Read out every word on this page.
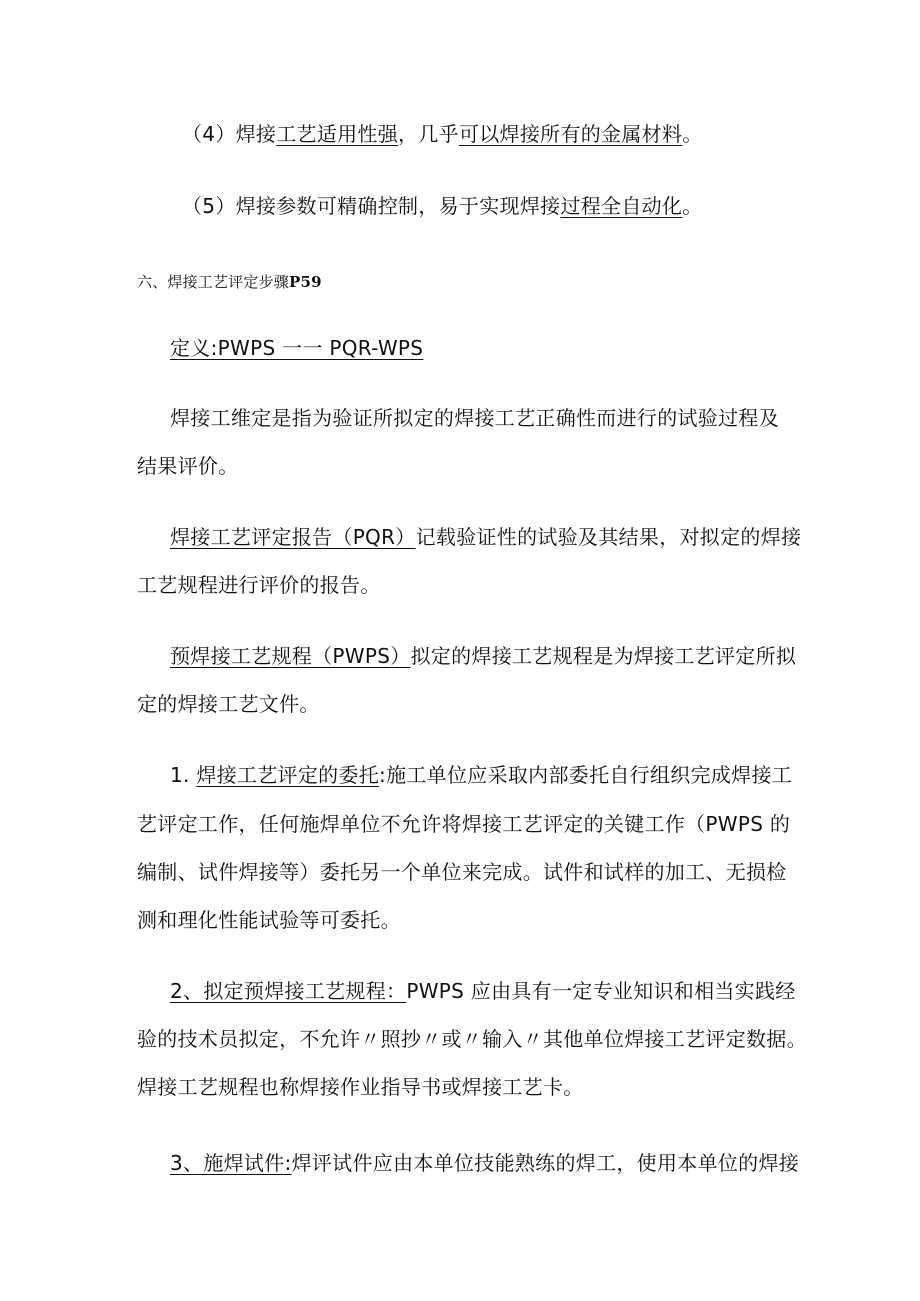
（4）焊接工艺适用性强，几乎可以焊接所有的金属材料。
（5）焊接参数可精确控制，易于实现焊接过程全自动化。
六、焊接工艺评定步骤P59
定义:PWPS 一一 PQR-WPS
焊接工维定是指为验证所拟定的焊接工艺正确性而进行的试验过程及
结果评价。
焊接工艺评定报告（PQR）记载验证性的试验及其结果，对拟定的焊接
工艺规程进行评价的报告。
预焊接工艺规程（PWPS）拟定的焊接工艺规程是为焊接工艺评定所拟
定的焊接工艺文件。
1. 焊接工艺评定的委托:施工单位应采取内部委托自行组织完成焊接工
艺评定工作，任何施焊单位不允许将焊接工艺评定的关键工作（PWPS 的
编制、试件焊接等）委托另一个单位来完成。试件和试样的加工、无损检
测和理化性能试验等可委托。
2、拟定预焊接工艺规程：PWPS 应由具有一定专业知识和相当实践经
验的技术员拟定，不允许〃照抄〃或〃输入〃其他单位焊接工艺评定数据。
焊接工艺规程也称焊接作业指导书或焊接工艺卡。
3、施焊试件:焊评试件应由本单位技能熟练的焊工，使用本单位的焊接
